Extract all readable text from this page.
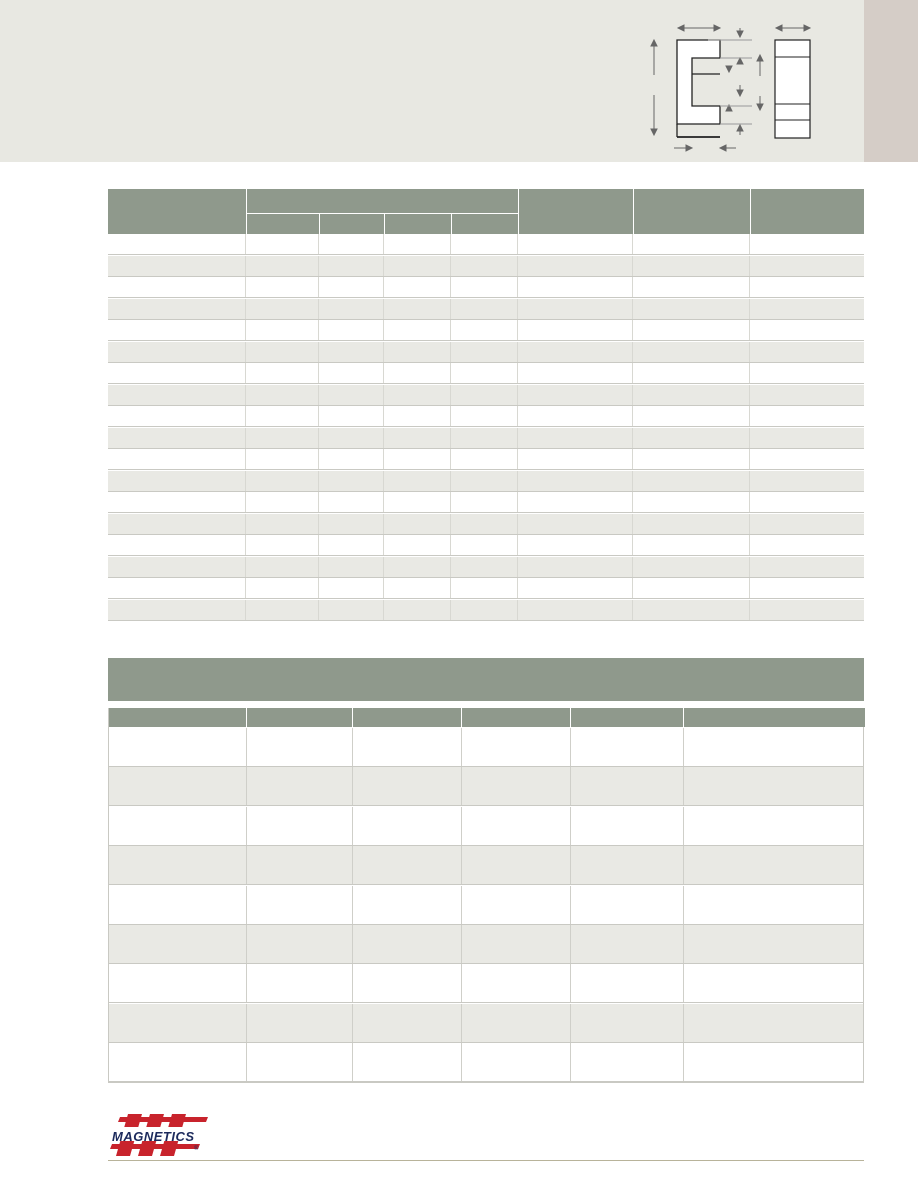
MAGNETICS
®
